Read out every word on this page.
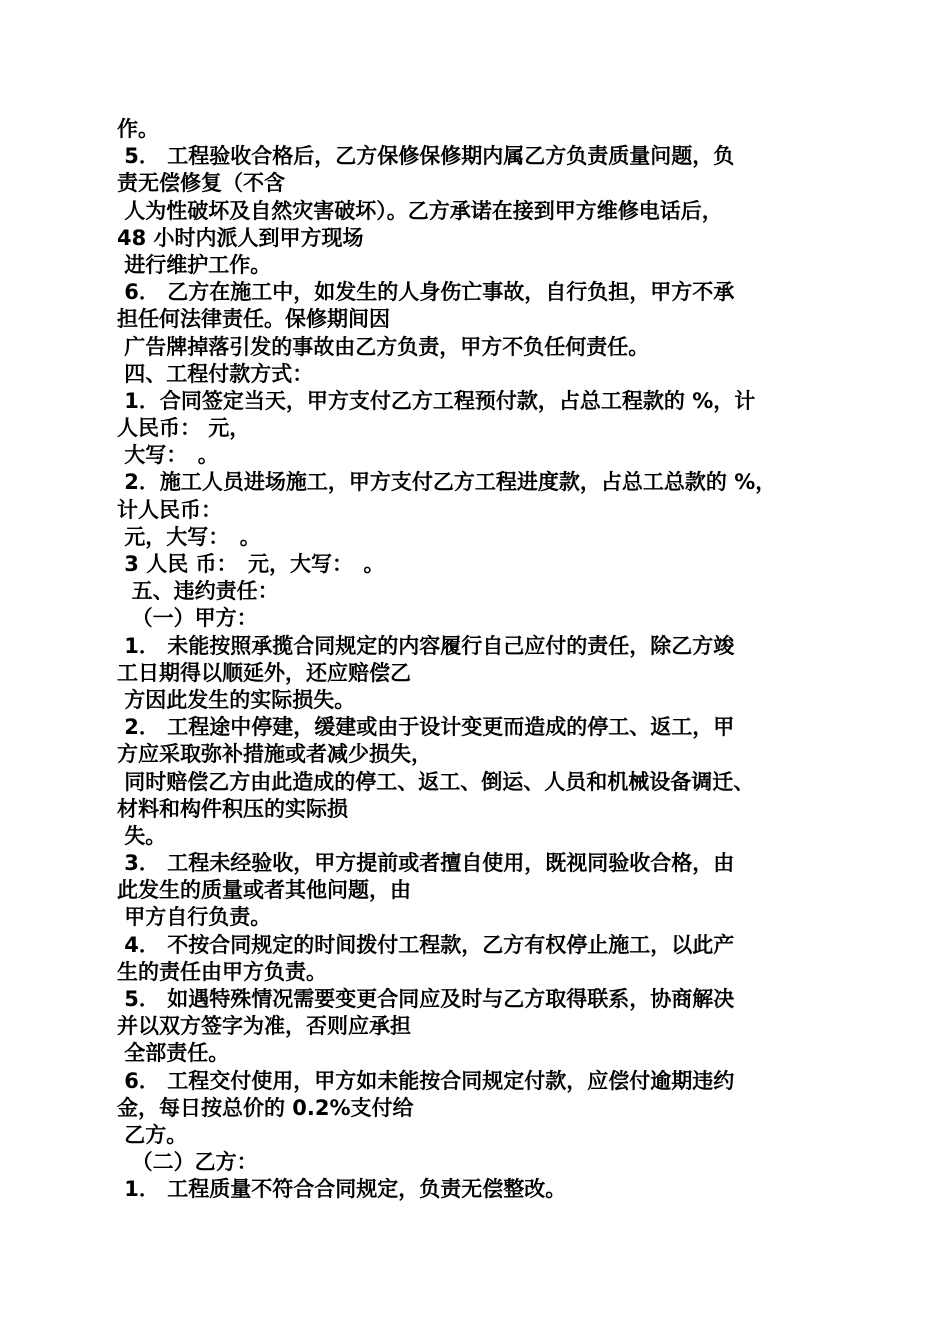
作。
5． 工程验收合格后，乙方保修保修期内属乙方负责质量问题，负
责无偿修复（不含
人为性破坏及自然灾害破坏）。乙方承诺在接到甲方维修电话后，
48 小时内派人到甲方现场
进行维护工作。
6． 乙方在施工中，如发生的人身伤亡事故，自行负担，甲方不承
担任何法律责任。保修期间因
广告牌掉落引发的事故由乙方负责，甲方不负任何责任。
四、工程付款方式：
1．合同签定当天，甲方支付乙方工程预付款，占总工程款的 %，计
人民币： 元，
大写：　。
2．施工人员进场施工，甲方支付乙方工程进度款，占总工总款的 %，
计人民币：
元，大写：　。
3 人民 币：　元，大写：　。
五、违约责任：
（一）甲方：
1． 未能按照承揽合同规定的内容履行自己应付的责任，除乙方竣
工日期得以顺延外，还应赔偿乙
方因此发生的实际损失。
2． 工程途中停建，缓建或由于设计变更而造成的停工、返工，甲
方应采取弥补措施或者减少损失，
同时赔偿乙方由此造成的停工、返工、倒运、人员和机械设备调迁、
材料和构件积压的实际损
失。
3． 工程未经验收，甲方提前或者擅自使用，既视同验收合格，由
此发生的质量或者其他问题，由
甲方自行负责。
4． 不按合同规定的时间拨付工程款，乙方有权停止施工，以此产
生的责任由甲方负责。
5． 如遇特殊情况需要变更合同应及时与乙方取得联系，协商解决
并以双方签字为准，否则应承担
全部责任。
6． 工程交付使用，甲方如未能按合同规定付款，应偿付逾期违约
金，每日按总价的 0.2%支付给
乙方。
（二）乙方：
1． 工程质量不符合合同规定，负责无偿整改。
